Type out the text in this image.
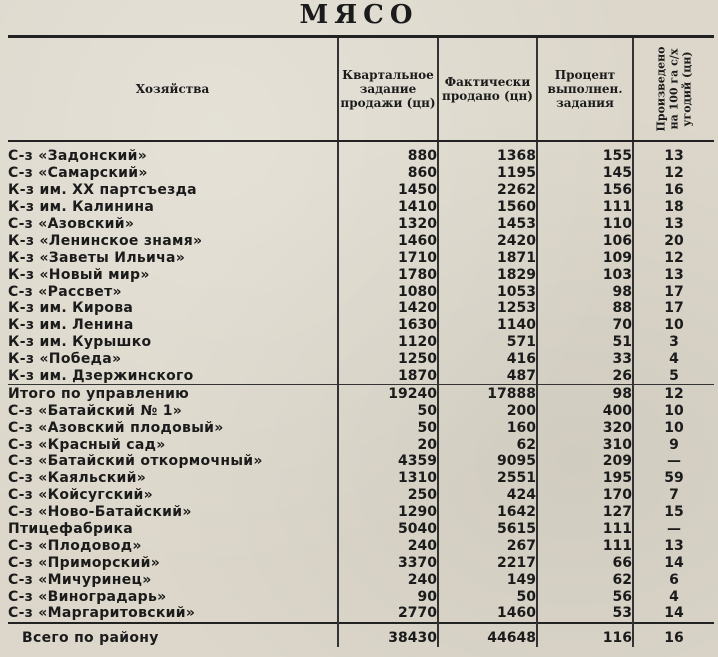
МЯСО
Хозяйства	Квартальное задание продажи (цн)	Фактически продано (цн)	Процент выполнен. задания	Произведено на 100 га с/х угодий (цн)

С-з «Задонский»	880	1368	155	13
С-з «Самарский»	860	1195	145	12
К-з им. XX партсъезда	1450	2262	156	16
К-з им. Калинина	1410	1560	111	18
С-з «Азовский»	1320	1453	110	13
К-з «Ленинское знамя»	1460	2420	106	20
К-з «Заветы Ильича»	1710	1871	109	12
К-з «Новый мир»	1780	1829	103	13
С-з «Рассвет»	1080	1053	98	17
К-з им. Кирова	1420	1253	88	17
К-з им. Ленина	1630	1140	70	10
К-з им. Курышко	1120	571	51	3
К-з «Победа»	1250	416	33	4
К-з им. Дзержинского	1870	487	26	5
Итого по управлению	19240	17888	98	12
С-з «Батайский № 1»	50	200	400	10
С-з «Азовский плодовый»	50	160	320	10
С-з «Красный сад»	20	62	310	9
С-з «Батайский откормочный»	4359	9095	209	—
С-з «Каяльский»	1310	2551	195	59
С-з «Койсугский»	250	424	170	7
С-з «Ново-Батайский»	1290	1642	127	15
Птицефабрика	5040	5615	111	—
С-з «Плодовод»	240	267	111	13
С-з «Приморский»	3370	2217	66	14
С-з «Мичуринец»	240	149	62	6
С-з «Виноградарь»	90	50	56	4
С-з «Маргаритовский»	2770	1460	53	14
Всего по району	38430	44648	116	16
